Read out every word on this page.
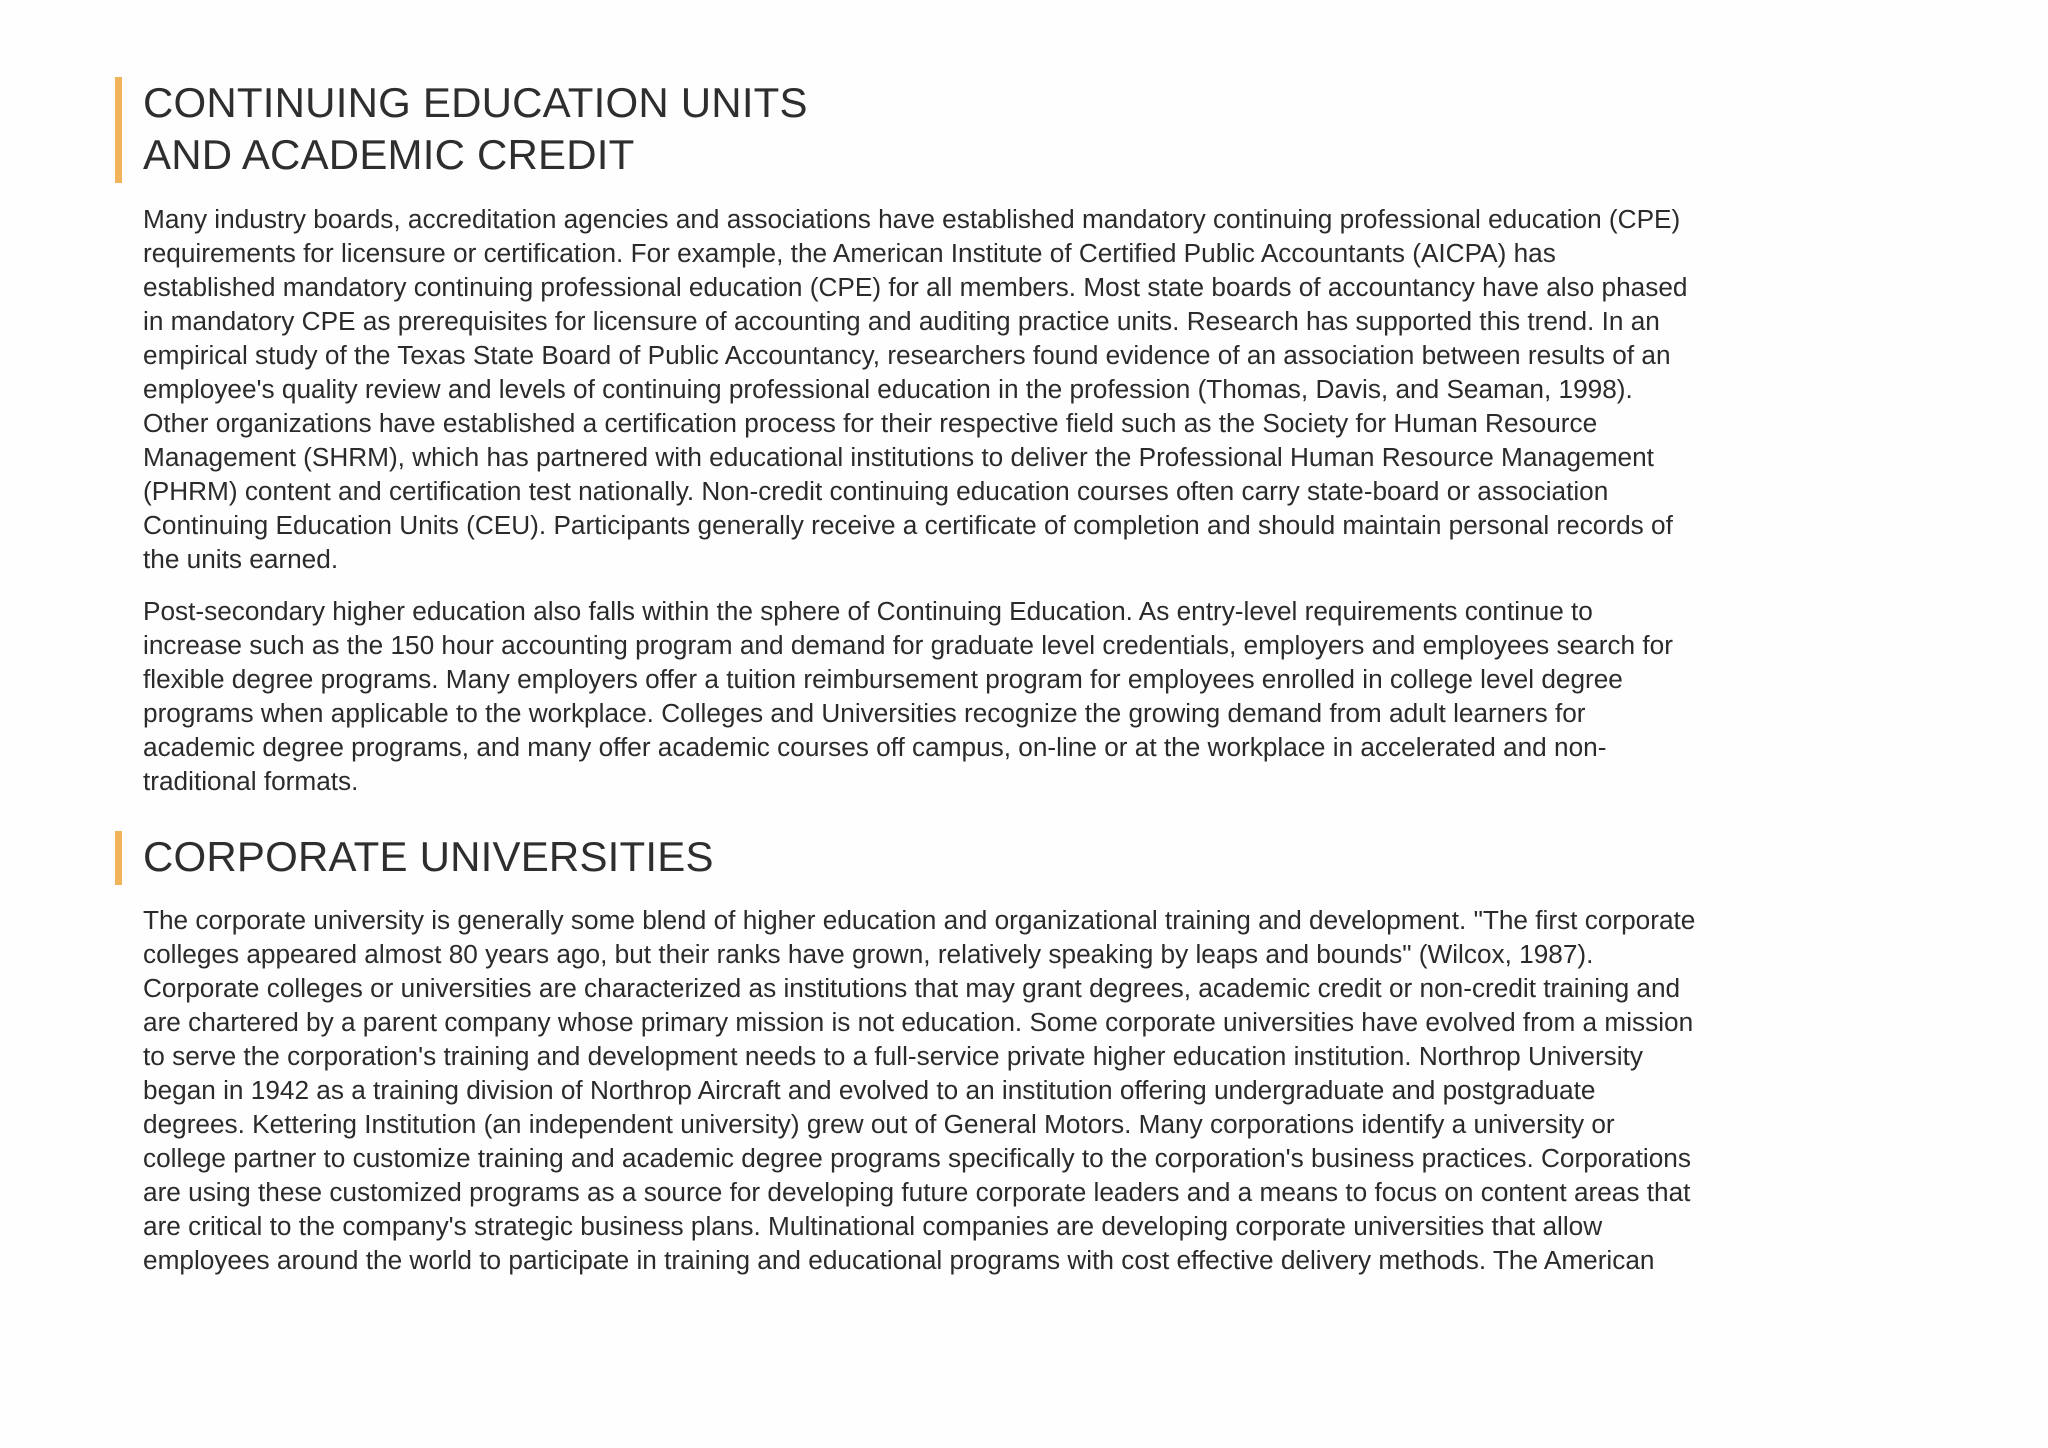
CONTINUING EDUCATION UNITS
AND ACADEMIC CREDIT
Many industry boards, accreditation agencies and associations have established mandatory continuing professional education (CPE)
requirements for licensure or certification. For example, the American Institute of Certified Public Accountants (AICPA) has
established mandatory continuing professional education (CPE) for all members. Most state boards of accountancy have also phased
in mandatory CPE as prerequisites for licensure of accounting and auditing practice units. Research has supported this trend. In an
empirical study of the Texas State Board of Public Accountancy, researchers found evidence of an association between results of an
employee's quality review and levels of continuing professional education in the profession (Thomas, Davis, and Seaman, 1998).
Other organizations have established a certification process for their respective field such as the Society for Human Resource
Management (SHRM), which has partnered with educational institutions to deliver the Professional Human Resource Management
(PHRM) content and certification test nationally. Non-credit continuing education courses often carry state-board or association
Continuing Education Units (CEU). Participants generally receive a certificate of completion and should maintain personal records of
the units earned.
Post-secondary higher education also falls within the sphere of Continuing Education. As entry-level requirements continue to
increase such as the 150 hour accounting program and demand for graduate level credentials, employers and employees search for
flexible degree programs. Many employers offer a tuition reimbursement program for employees enrolled in college level degree
programs when applicable to the workplace. Colleges and Universities recognize the growing demand from adult learners for
academic degree programs, and many offer academic courses off campus, on-line or at the workplace in accelerated and non-
traditional formats.
CORPORATE UNIVERSITIES
The corporate university is generally some blend of higher education and organizational training and development. "The first corporate
colleges appeared almost 80 years ago, but their ranks have grown, relatively speaking by leaps and bounds" (Wilcox, 1987).
Corporate colleges or universities are characterized as institutions that may grant degrees, academic credit or non-credit training and
are chartered by a parent company whose primary mission is not education. Some corporate universities have evolved from a mission
to serve the corporation's training and development needs to a full-service private higher education institution. Northrop University
began in 1942 as a training division of Northrop Aircraft and evolved to an institution offering undergraduate and postgraduate
degrees. Kettering Institution (an independent university) grew out of General Motors. Many corporations identify a university or
college partner to customize training and academic degree programs specifically to the corporation's business practices. Corporations
are using these customized programs as a source for developing future corporate leaders and a means to focus on content areas that
are critical to the company's strategic business plans. Multinational companies are developing corporate universities that allow
employees around the world to participate in training and educational programs with cost effective delivery methods. The American
